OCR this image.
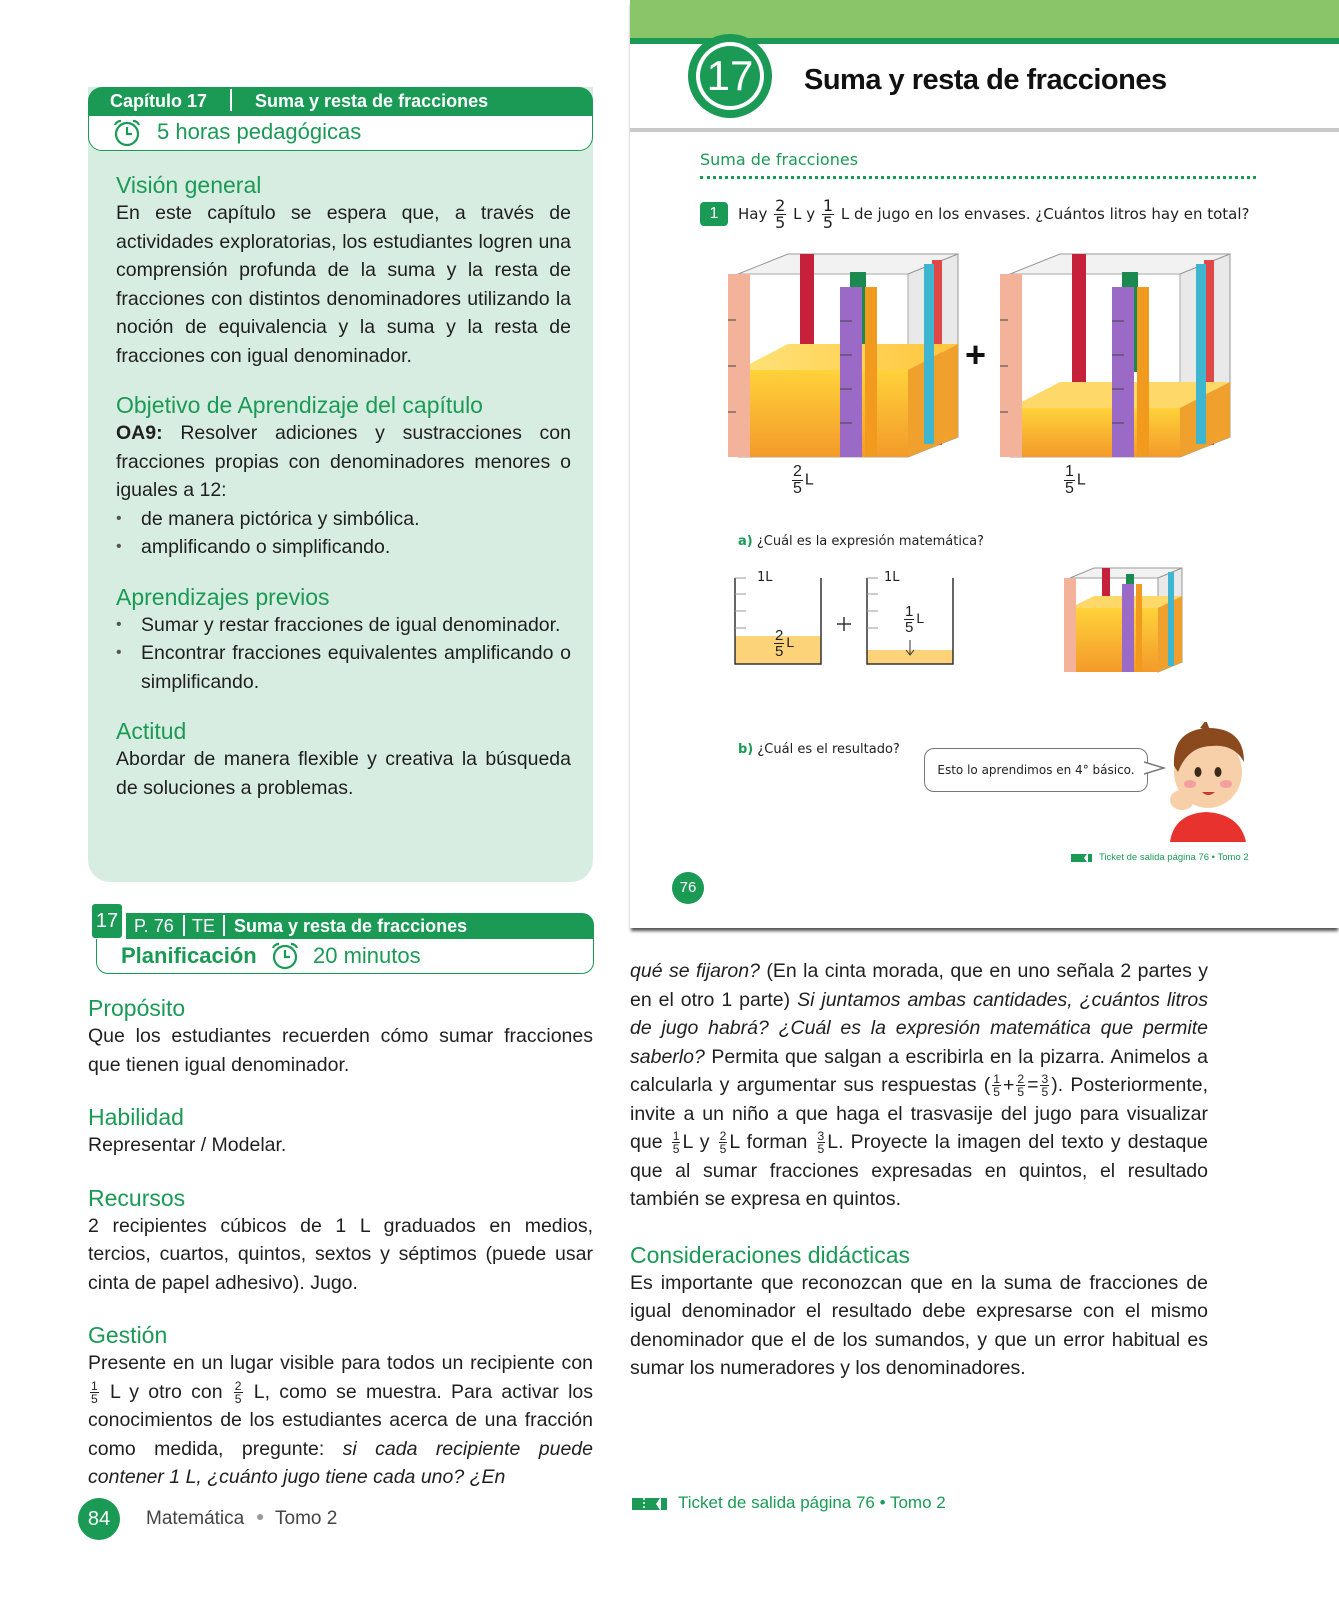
Capítulo 17	Suma y resta de fracciones
5 horas pedagógicas
Visión general
En este capítulo se espera que, a través de actividades exploratorias, los estudiantes logren una comprensión profunda de la suma y la resta de fracciones con distintos denominadores utilizando la noción de equivalencia y la suma y la resta de fracciones con igual denominador.
Objetivo de Aprendizaje del capítulo
OA9: Resolver adiciones y sustracciones con fracciones propias con denominadores menores o iguales a 12:
• de manera pictórica y simbólica.
• amplificando o simplificando.
Aprendizajes previos
• Sumar y restar fracciones de igual denominador.
• Encontrar fracciones equivalentes amplificando o simplificando.
Actitud
Abordar de manera flexible y creativa la búsqueda de soluciones a problemas.
17 P. 76 TE Suma y resta de fracciones
Planificación	20 minutos
Propósito
Que los estudiantes recuerden cómo sumar fracciones que tienen igual denominador.
Habilidad
Representar / Modelar.
Recursos
2 recipientes cúbicos de 1 L graduados en medios, tercios, cuartos, quintos, sextos y séptimos (puede usar cinta de papel adhesivo). Jugo.
Gestión
Presente en un lugar visible para todos un recipiente con
$\frac{1}{5}$ L y otro con $\frac{2}{5} L$, como se muestra. Para activar los conocimientos de los estudiantes acerca de una fracción como medida, pregunte: si cada recipiente puede contener 1 L, ¿cuánto jugo tiene cada uno? ¿En
84	Matemática ● Tomo 2
qué se fijaron? (En la cinta morada, que en uno señala 2 partes y en el otro 1 parte) Si juntamos ambas cantidades, ¿cuántos litros de jugo habrá? ¿Cuál es la expresión matemática que permite saberlo? Permita que salgan a escribirla en la pizarra. Animelos a calcularla y argumentar sus respuestas ( $\frac{1}{5} + \frac{2}{5} = \frac{3}{5}$ ). Posteriormente, invite a un niño a que haga el trasvasije del jugo para visualizar que $\frac{1}{5}$ L y $\frac{2}{5}$ L forman $\frac{3}{5} L$. Proyecte la imagen del texto y destaque que al sumar fracciones expresadas en quintos, el resultado también se expresa en quintos.
Consideraciones didácticas
Es importante que reconozcan que en la suma de fracciones de igual denominador el resultado debe expresarse con el mismo denominador que el de los sumandos, y que un error habitual es sumar los numeradores y los denominadores.
Ticket de salida página 76 • Tomo 2
17 Suma y resta de fracciones
Suma de fracciones
1	Hay $\frac{2}{5}$ L y $\frac{1}{5}$ L de jugo en los envases. ¿Cuántos litros hay en total?
$\frac{2}{5}$ L
+
$\frac{1}{5}$ L
a) ¿Cuál es la expresión matemática?
1L	1L
$\frac{2}{5}$ L
$\frac{1}{5}$ L
b) ¿Cuál es el resultado?
Esto lo aprendimos en 4° básico.
Ticket de salida página 76 • Tomo 2
76
